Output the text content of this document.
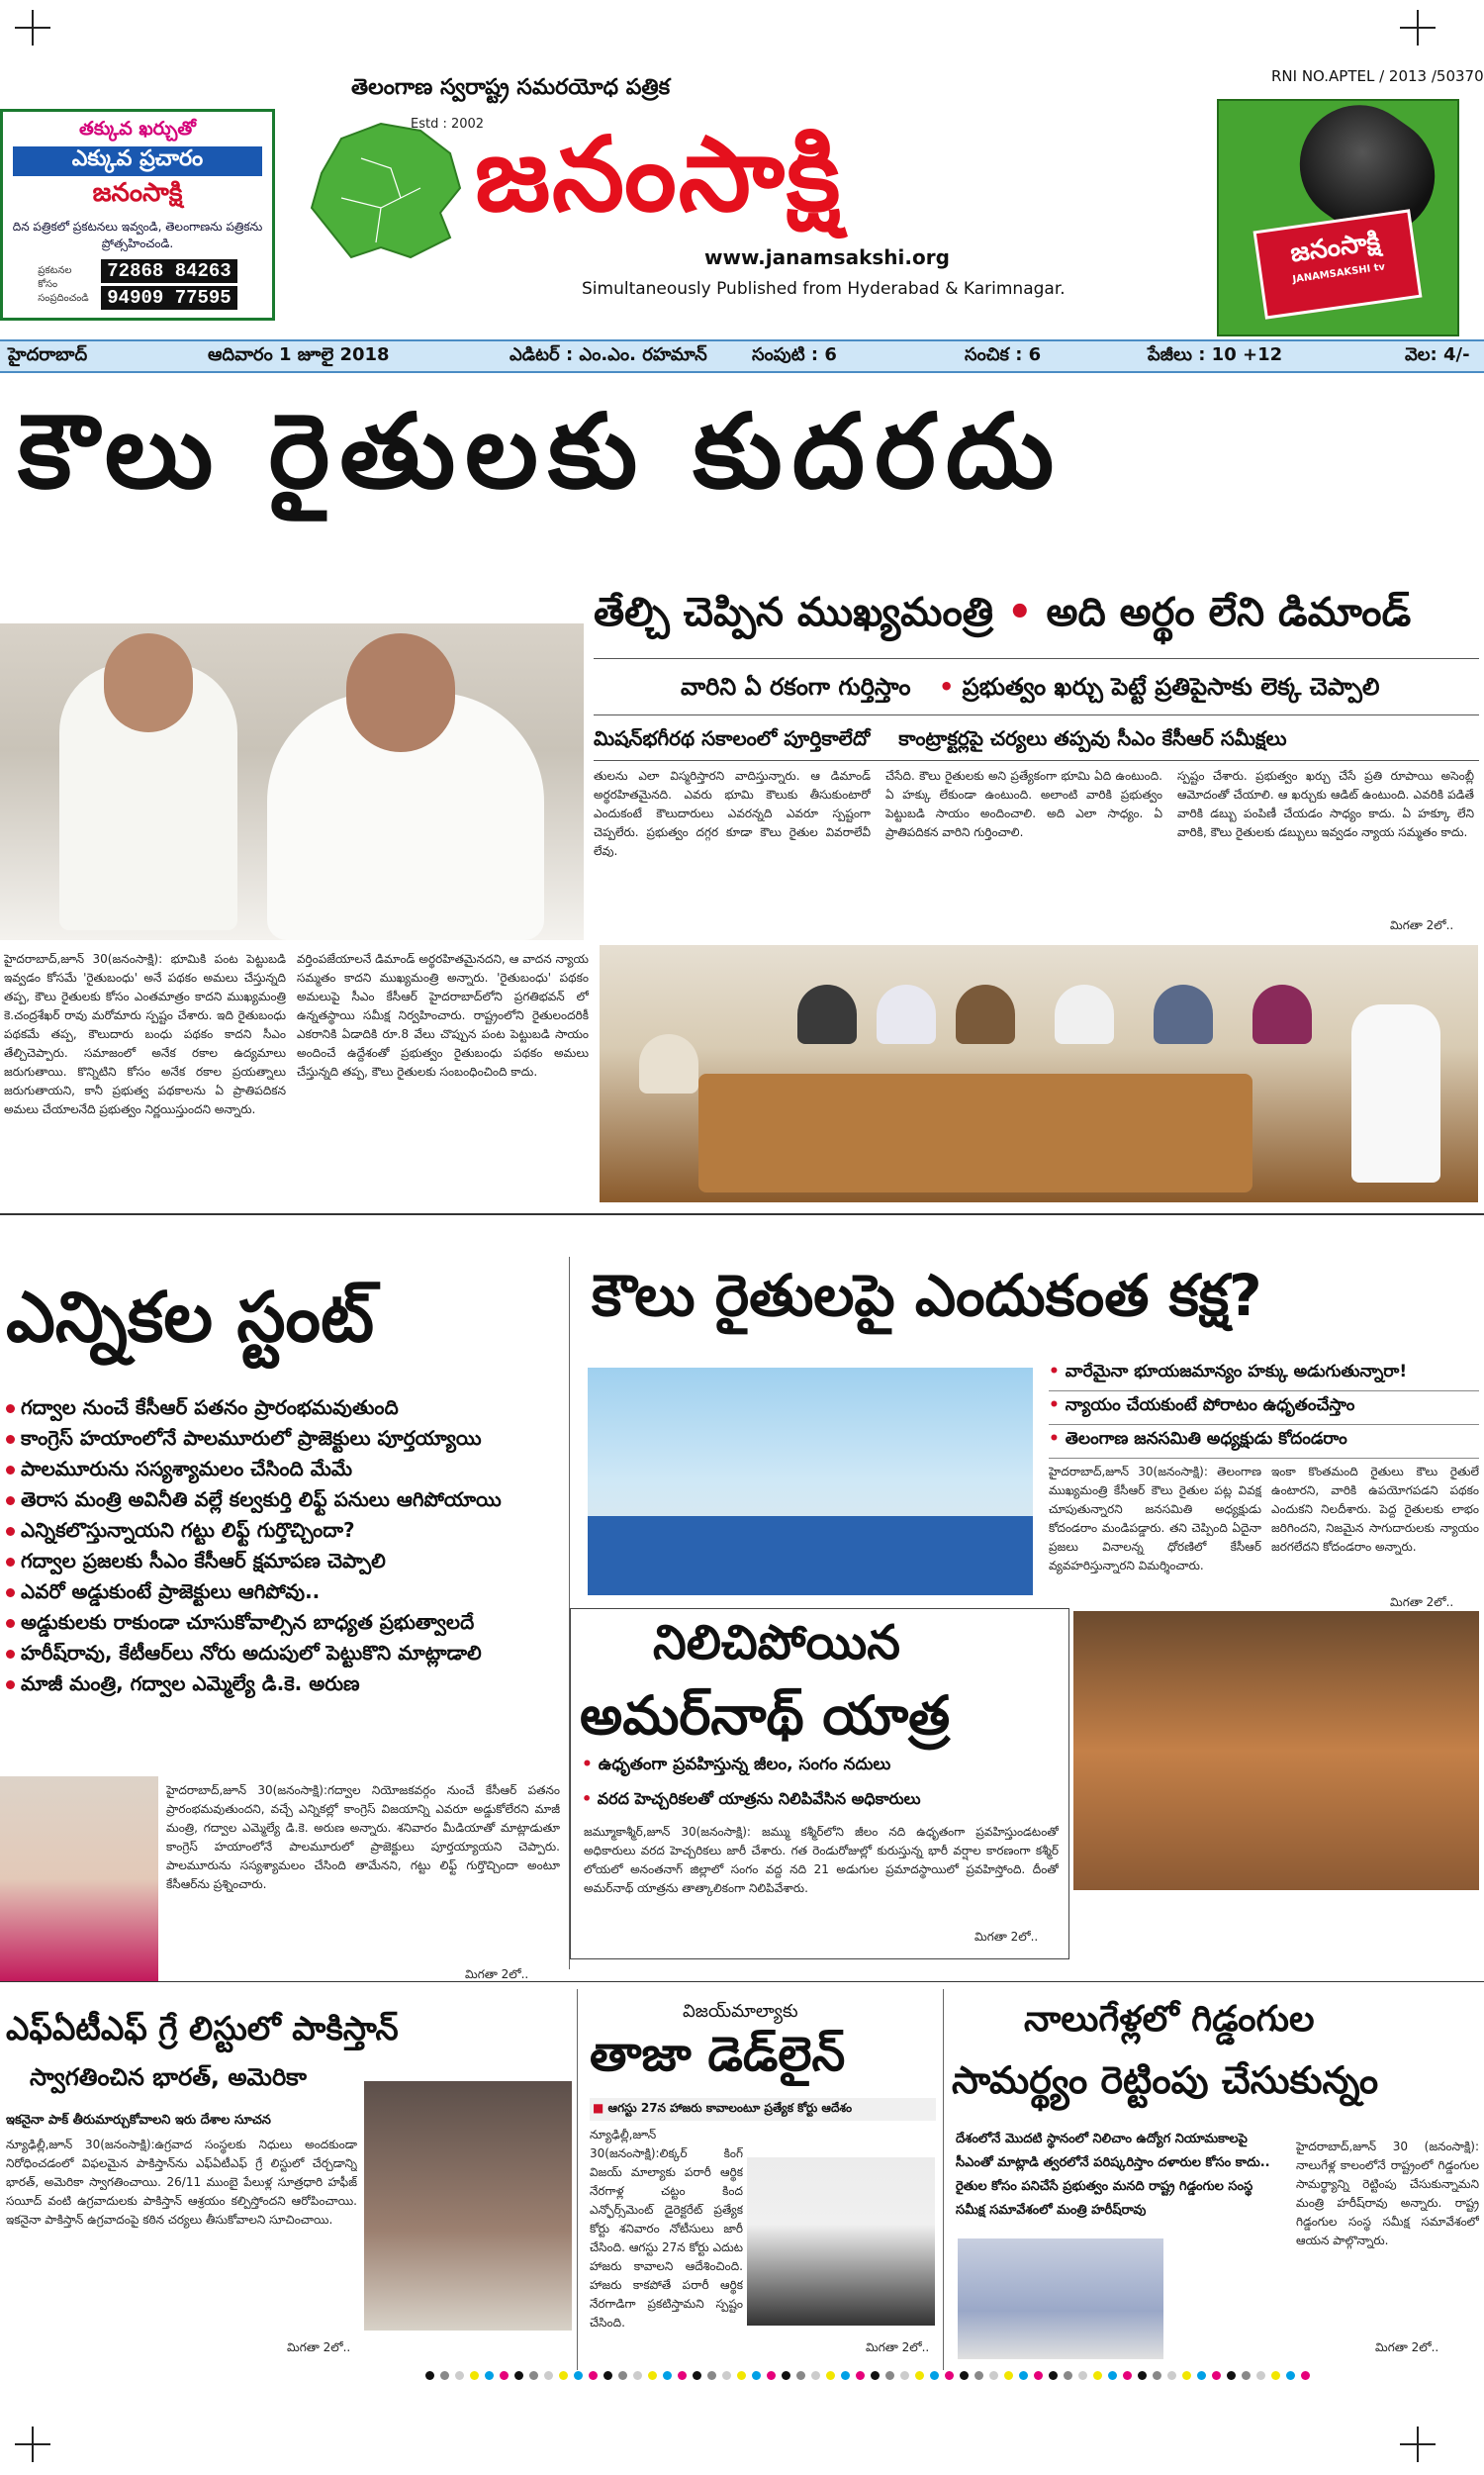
తక్కువ ఖర్చుతో
ఎక్కువ ప్రచారం
జనంసాక్షి
దిన పత్రికలో ప్రకటనలు ఇవ్వండి, తెలంగాణను పత్రికను ప్రోత్సహించండి.
ప్రకటనల కోసం సంప్రదించండి
72868 84263
94909 77595
తెలంగాణ స్వరాష్ట్ర సమరయోధ పత్రిక
Estd : 2002
జనంసాక్షి
www.janamsakshi.org
Simultaneously Published from Hyderabad & Karimnagar.
RNI NO.APTEL / 2013 /50370
జనంసాక్షి
JANAMSAKSHI tv
హైదరాబాద్	ఆదివారం 1 జూలై 2018	ఎడిటర్ : ఎం.ఎం. రహమాన్	సంపుటి : 6	సంచిక : 6	పేజీలు : 10 +12	వెల: 4/-
కౌలు రైతులకు కుదరదు
తేల్చి చెప్పిన ముఖ్యమంత్రి • అది అర్థం లేని డిమాండ్
వారిని ఏ రకంగా గుర్తిస్తాం • ప్రభుత్వం ఖర్చు పెట్టే ప్రతిపైసాకు లెక్క చెప్పాలి
మిషన్‌భగీరథ సకాలంలో పూర్తికాలేదో కాంట్రాక్టర్లపై చర్యలు తప్పవు సీఎం కేసీఆర్ సమీక్షలు
తులను ఎలా విస్మరిస్తారని వాదిస్తున్నారు. ఆ డిమాండ్ అర్థరహితమైనది. ఎవరు భూమి కౌలుకు తీసుకుంటారో ఎందుకంటే కౌలుదారులు ఎవరన్నది ఎవరూ స్పష్టంగా చెప్పలేరు. ప్రభుత్వం దగ్గర కూడా కౌలు రైతుల వివరాలేవీ లేవు.
చేసేది. కౌలు రైతులకు అని ప్రత్యేకంగా భూమి ఏది ఉంటుంది. ఏ హక్కు లేకుండా ఉంటుంది. అలాంటి వారికి ప్రభుత్వం పెట్టుబడి సాయం అందించాలి. అది ఎలా సాధ్యం. ఏ ప్రాతిపదికన వారిని గుర్తించాలి.
స్పష్టం చేశారు. ప్రభుత్వం ఖర్చు చేసే ప్రతి రూపాయి అసెంబ్లీ ఆమోదంతో చేయాలి. ఆ ఖర్చుకు ఆడిట్ ఉంటుంది. ఎవరికి పడితే వారికి డబ్బు పంపిణీ చేయడం సాధ్యం కాదు. ఏ హక్కూ లేని వారికి, కౌలు రైతులకు డబ్బులు ఇవ్వడం న్యాయ సమ్మతం కాదు.
మిగతా 2లో..
హైదరాబాద్,జూన్ 30(జనంసాక్షి): భూమికి పంట పెట్టుబడి ఇవ్వడం కోసమే 'రైతుబంధు' అనే పథకం అమలు చేస్తున్నది తప్ప, కౌలు రైతులకు కోసం ఎంతమాత్రం కాదని ముఖ్యమంత్రి కె.చంద్రశేఖర్ రావు మరోమారు స్పష్టం చేశారు. ఇది రైతుబంధు పథకమే తప్ప, కౌలుదారు బంధు పథకం కాదని సీఎం తేల్చిచెప్పారు. సమాజంలో అనేక రకాల ఉద్యమాలు జరుగుతాయి. కొన్నిటిని కోసం అనేక రకాల ప్రయత్నాలు జరుగుతాయని, కానీ ప్రభుత్వ పథకాలను ఏ ప్రాతిపదికన అమలు చేయాలనేది ప్రభుత్వం నిర్ణయిస్తుందని అన్నారు.
వర్తింపజేయాలనే డిమాండ్ అర్థరహితమైనదని, ఆ వాదన న్యాయ సమ్మతం కాదని ముఖ్యమంత్రి అన్నారు. 'రైతుబంధు' పథకం అమలుపై సీఎం కేసీఆర్ హైదరాబాద్‌లోని ప్రగతిభవన్ లో ఉన్నతస్థాయి సమీక్ష నిర్వహించారు. రాష్ట్రంలోని రైతులందరికీ ఎకరానికి ఏడాదికి రూ.8 వేలు చొప్పున పంట పెట్టుబడి సాయం అందించే ఉద్దేశంతో ప్రభుత్వం రైతుబంధు పథకం అమలు చేస్తున్నది తప్ప, కౌలు రైతులకు సంబంధించింది కాదు.
ఎన్నికల స్టంట్
గద్వాల నుంచే కేసీఆర్ పతనం ప్రారంభమవుతుంది
కాంగ్రెస్ హయాంలోనే పాలమూరులో ప్రాజెక్టులు పూర్తయ్యాయి
పాలమూరును సస్యశ్యామలం చేసింది మేమే
తెరాస మంత్రి అవినీతి వల్లే కల్వకుర్తి లిఫ్ట్ పనులు ఆగిపోయాయి
ఎన్నికలొస్తున్నాయని గట్టు లిఫ్ట్ గుర్తొచ్చిందా?
గద్వాల ప్రజలకు సీఎం కేసీఆర్ క్షమాపణ చెప్పాలి
ఎవరో అడ్డుకుంటే ప్రాజెక్టులు ఆగిపోవు..
అడ్డుకులకు రాకుండా చూసుకోవాల్సిన బాధ్యత ప్రభుత్వాలదే
హరీష్‌రావు, కేటీఆర్‌లు నోరు అదుపులో పెట్టుకొని మాట్లాడాలి
మాజీ మంత్రి, గద్వాల ఎమ్మెల్యే డి.కె. అరుణ
హైదరాబాద్,జూన్ 30(జనంసాక్షి):గద్వాల నియోజకవర్గం నుంచే కేసీఆర్ పతనం ప్రారంభమవుతుందని, వచ్చే ఎన్నికల్లో కాంగ్రెస్ విజయాన్ని ఎవరూ అడ్డుకోలేరని మాజీ మంత్రి, గద్వాల ఎమ్మెల్యే డి.కె. అరుణ అన్నారు. శనివారం మీడియాతో మాట్లాడుతూ కాంగ్రెస్ హయాంలోనే పాలమూరులో ప్రాజెక్టులు పూర్తయ్యాయని చెప్పారు. పాలమూరును సస్యశ్యామలం చేసింది తామేనని, గట్టు లిఫ్ట్ గుర్తొచ్చిందా అంటూ కేసీఆర్‌ను ప్రశ్నించారు.
మిగతా 2లో..
కౌలు రైతులపై ఎందుకంత కక్ష?
• వారేమైనా భూయజమాన్యం హక్కు అడుగుతున్నారా!
• న్యాయం చేయకుంటే పోరాటం ఉధృతంచేస్తాం
• తెలంగాణ జనసమితి అధ్యక్షుడు కోదండరాం
హైదరాబాద్,జూన్ 30(జనంసాక్షి): తెలంగాణ ముఖ్యమంత్రి కేసీఆర్ కౌలు రైతుల పట్ల వివక్ష చూపుతున్నారని జనసమితి అధ్యక్షుడు కోదండరాం మండిపడ్డారు. తని చెప్పింది ఏదైనా ప్రజలు వినాలన్న ధోరణిలో కేసీఆర్ వ్యవహరిస్తున్నారని విమర్శించారు.
ఇంకా కొంతమంది రైతులు కౌలు రైతులే ఉంటారని, వారికి ఉపయోగపడని పథకం ఎందుకని నిలదీశారు. పెద్ద రైతులకు లాభం జరిగిందని, నిజమైన సాగుదారులకు న్యాయం జరగలేదని కోదండరాం అన్నారు.
మిగతా 2లో..
నిలిచిపోయిన
అమర్‌నాథ్ యాత్ర
• ఉధృతంగా ప్రవహిస్తున్న జీలం, సంగం నదులు
• వరద హెచ్చరికలతో యాత్రను నిలిపివేసిన అధికారులు
జమ్మూకాశ్మీర్,జూన్ 30(జనంసాక్షి): జమ్ము కశ్మీర్‌లోని జీలం నది ఉధృతంగా ప్రవహిస్తుండటంతో అధికారులు వరద హెచ్చరికలు జారీ చేశారు. గత రెండురోజుల్లో కురుస్తున్న భారీ వర్షాల కారణంగా కశ్మీర్ లోయలో అనంతనాగ్ జిల్లాలో సంగం వద్ద నది 21 అడుగుల ప్రమాదస్థాయిలో ప్రవహిస్తోంది. దీంతో అమర్‌నాథ్ యాత్రను తాత్కాలికంగా నిలిపివేశారు.
మిగతా 2లో..
ఎఫ్ఏటీఎఫ్ గ్రే లిస్టులో పాకిస్తాన్
స్వాగతించిన భారత్, అమెరికా
ఇకనైనా పాక్ తీరుమార్చుకోవాలని ఇరు దేశాల సూచన
న్యూఢిల్లీ,జూన్ 30(జనంసాక్షి):ఉగ్రవాద సంస్థలకు నిధులు అందకుండా నిరోధించడంలో విఫలమైన పాకిస్తాన్‌ను ఎఫ్ఏటీఎఫ్ గ్రే లిస్టులో చేర్చడాన్ని భారత్, అమెరికా స్వాగతించాయి. 26/11 ముంబై పేలుళ్ల సూత్రధారి హఫీజ్ సయీద్ వంటి ఉగ్రవాదులకు పాకిస్తాన్ ఆశ్రయం కల్పిస్తోందని ఆరోపించాయి. ఇకనైనా పాకిస్తాన్ ఉగ్రవాదంపై కఠిన చర్యలు తీసుకోవాలని సూచించాయి.
మిగతా 2లో..
విజయ్‌మాల్యాకు
తాజా డెడ్‌లైన్
■ ఆగస్టు 27న హాజరు కావాలంటూ ప్రత్యేక కోర్టు ఆదేశం
న్యూఢిల్లీ,జూన్ 30(జనంసాక్షి):లిక్కర్ కింగ్ విజయ్ మాల్యాకు పరారీ ఆర్థిక నేరగాళ్ల చట్టం కింద ఎన్ఫోర్స్‌మెంట్ డైరెక్టరేట్ ప్రత్యేక కోర్టు శనివారం నోటీసులు జారీ చేసింది. ఆగస్టు 27న కోర్టు ఎదుట హాజరు కావాలని ఆదేశించింది. హాజరు కాకపోతే పరారీ ఆర్థిక నేరగాడిగా ప్రకటిస్తామని స్పష్టం చేసింది.
మిగతా 2లో..
నాలుగేళ్లలో గిడ్డంగుల
సామర్థ్యం రెట్టింపు చేసుకున్నం
దేశంలోనే మొదటి స్థానంలో నిలిచాం ఉద్యోగ నియామకాలపై సీఎంతో మాట్లాడి త్వరలోనే పరిష్కరిస్తాం దళారుల కోసం కాదు.. రైతుల కోసం పనిచేసే ప్రభుత్వం మనది రాష్ట్ర గిడ్డంగుల సంస్థ సమీక్ష సమావేశంలో మంత్రి హరీష్‌రావు
హైదరాబాద్,జూన్ 30 (జనంసాక్షి): నాలుగేళ్ల కాలంలోనే రాష్ట్రంలో గిడ్డంగుల సామర్థ్యాన్ని రెట్టింపు చేసుకున్నామని మంత్రి హరీష్‌రావు అన్నారు. రాష్ట్ర గిడ్డంగుల సంస్థ సమీక్ష సమావేశంలో ఆయన పాల్గొన్నారు.
మిగతా 2లో..
